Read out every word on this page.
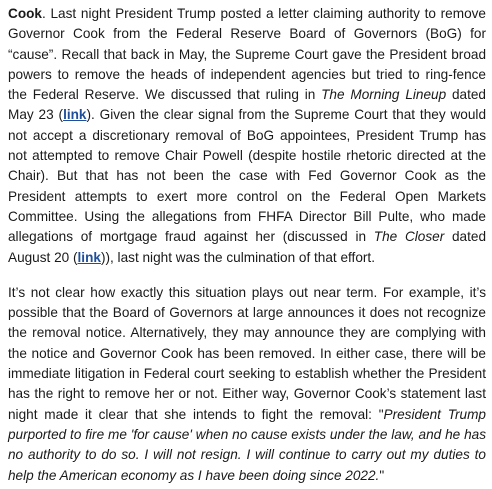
Cook. Last night President Trump posted a letter claiming authority to remove Governor Cook from the Federal Reserve Board of Governors (BoG) for “cause”. Recall that back in May, the Supreme Court gave the President broad powers to remove the heads of independent agencies but tried to ring-fence the Federal Reserve. We discussed that ruling in The Morning Lineup dated May 23 (link). Given the clear signal from the Supreme Court that they would not accept a discretionary removal of BoG appointees, President Trump has not attempted to remove Chair Powell (despite hostile rhetoric directed at the Chair). But that has not been the case with Fed Governor Cook as the President attempts to exert more control on the Federal Open Markets Committee. Using the allegations from FHFA Director Bill Pulte, who made allegations of mortgage fraud against her (discussed in The Closer dated August 20 (link)), last night was the culmination of that effort.

It’s not clear how exactly this situation plays out near term. For example, it’s possible that the Board of Governors at large announces it does not recognize the removal notice. Alternatively, they may announce they are complying with the notice and Governor Cook has been removed. In either case, there will be immediate litigation in Federal court seeking to establish whether the President has the right to remove her or not. Either way, Governor Cook’s statement last night made it clear that she intends to fight the removal: "President Trump purported to fire me 'for cause' when no cause exists under the law, and he has no authority to do so. I will not resign. I will continue to carry out my duties to help the American economy as I have been doing since 2022."
